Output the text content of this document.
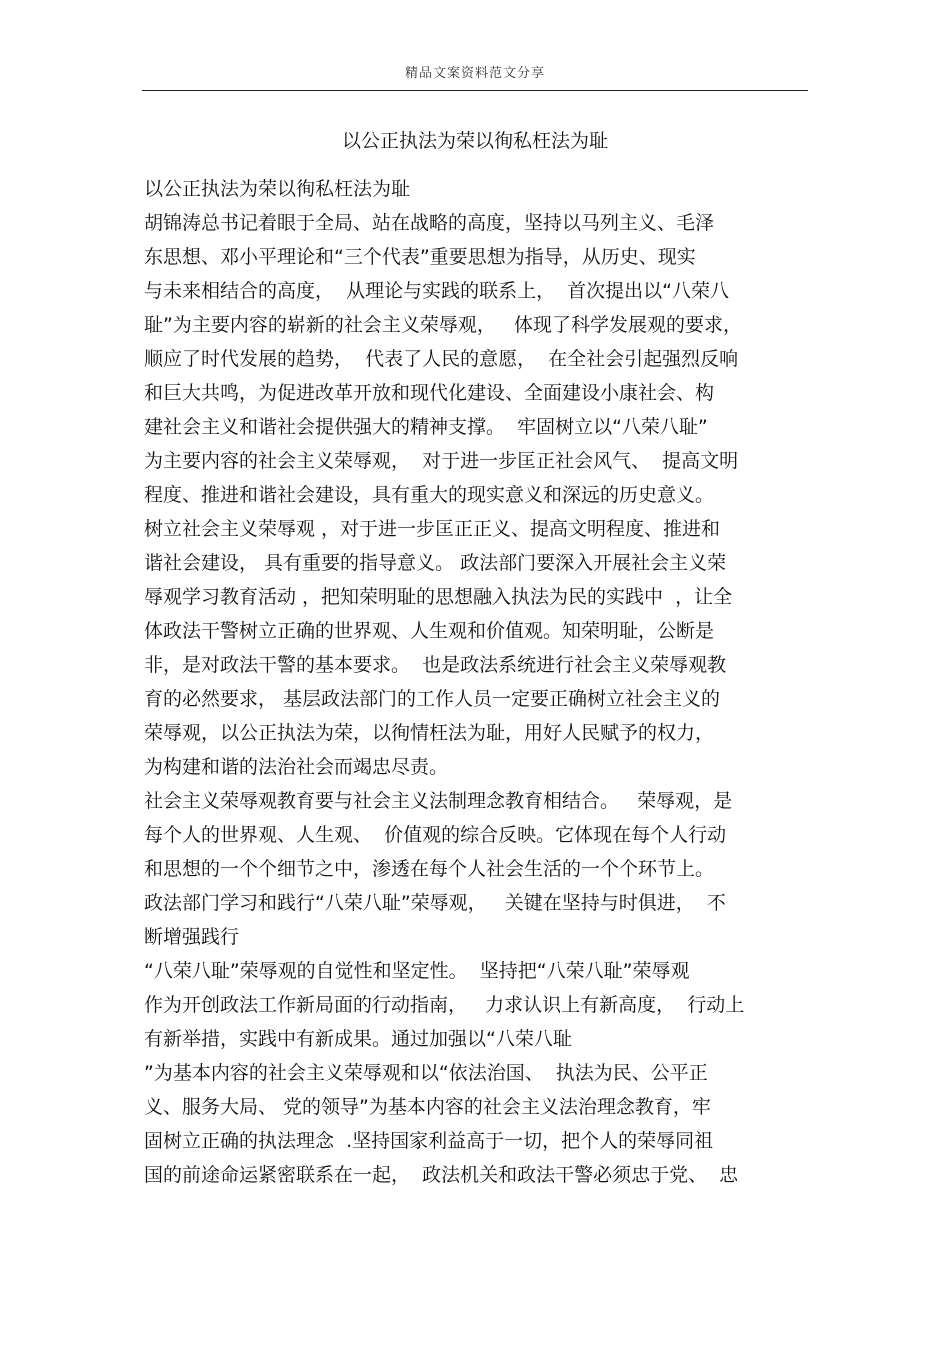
精品文案资料范文分享
以公正执法为荣以徇私枉法为耻
以公正执法为荣以徇私枉法为耻
胡锦涛总书记着眼于全局、站在战略的高度，坚持以马列主义、毛泽
东思想、邓小平理论和“三个代表”重要思想为指导，从历史、现实
与未来相结合的高度，  从理论与实践的联系上，  首次提出以“八荣八
耻”为主要内容的崭新的社会主义荣辱观，   体现了科学发展观的要求，
顺应了时代发展的趋势，  代表了人民的意愿，  在全社会引起强烈反响
和巨大共鸣，为促进改革开放和现代化建设、全面建设小康社会、构
建社会主义和谐社会提供强大的精神支撑。  牢固树立以“八荣八耻”
为主要内容的社会主义荣辱观，  对于进一步匡正社会风气、  提高文明
程度、推进和谐社会建设，具有重大的现实意义和深远的历史意义。
树立社会主义荣辱观 ，对于进一步匡正正义、提高文明程度、推进和
谐社会建设， 具有重要的指导意义。 政法部门要深入开展社会主义荣
辱观学习教育活动 ，把知荣明耻的思想融入执法为民的实践中  ，让全
体政法干警树立正确的世界观、人生观和价值观。知荣明耻，公断是
非，是对政法干警的基本要求。  也是政法系统进行社会主义荣辱观教
育的必然要求， 基层政法部门的工作人员一定要正确树立社会主义的
荣辱观，以公正执法为荣，以徇情枉法为耻，用好人民赋予的权力，
为构建和谐的法治社会而竭忠尽责。
社会主义荣辱观教育要与社会主义法制理念教育相结合。   荣辱观，是
每个人的世界观、人生观、  价值观的综合反映。它体现在每个人行动
和思想的一个个细节之中，渗透在每个人社会生活的一个个环节上。
政法部门学习和践行“八荣八耻”荣辱观，   关键在坚持与时俱进，  不
断增强践行
“八荣八耻”荣辱观的自觉性和坚定性。  坚持把“八荣八耻”荣辱观
作为开创政法工作新局面的行动指南，   力求认识上有新高度，  行动上
有新举措，实践中有新成果。通过加强以“八荣八耻
”为基本内容的社会主义荣辱观和以“依法治国、  执法为民、公平正
义、服务大局、 党的领导”为基本内容的社会主义法治理念教育，牢
固树立正确的执法理念  .坚持国家利益高于一切，把个人的荣辱同祖
国的前途命运紧密联系在一起，  政法机关和政法干警必须忠于党、  忠
